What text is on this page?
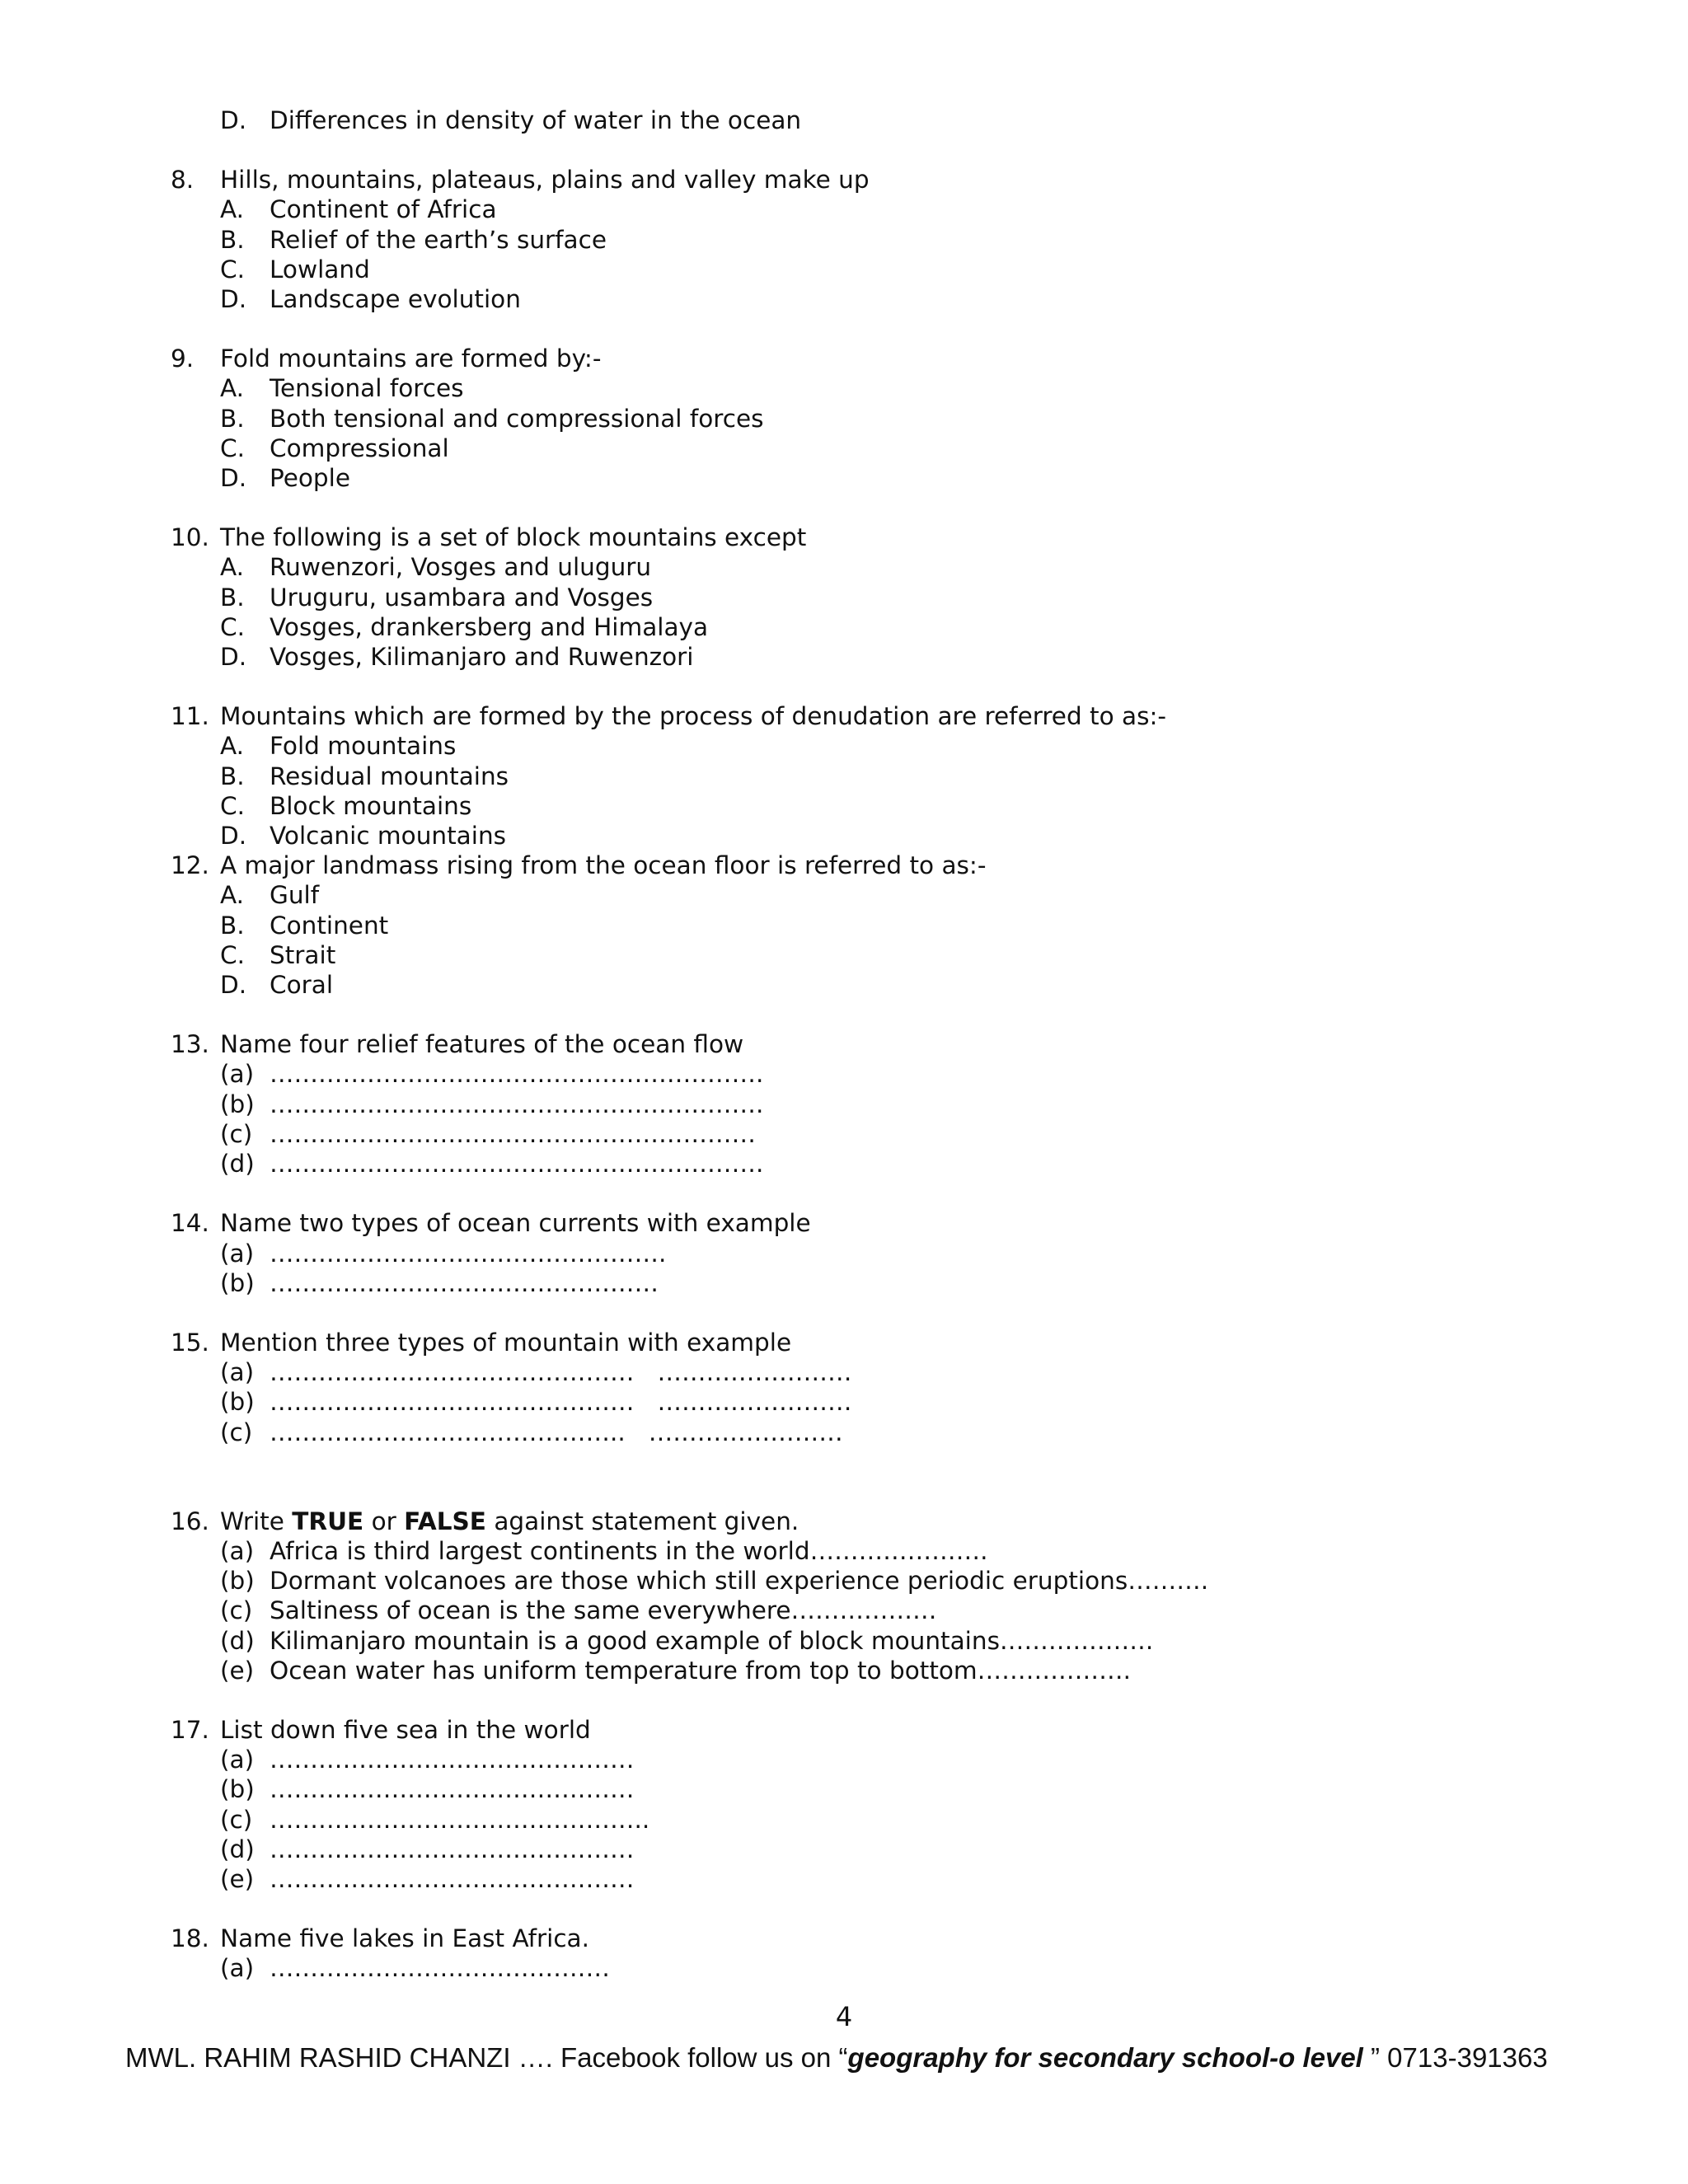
D. Differences in density of water in the ocean
8.	Hills, mountains, plateaus, plains and valley make up
A.	Continent of Africa
B.	Relief of the earth’s surface
C.	Lowland
D. Landscape evolution
9.	Fold mountains are formed by:-
A.	Tensional forces
B.	Both tensional and compressional forces
C.	Compressional
D. People
10. The following is a set of block mountains except
A.	Ruwenzori, Vosges and uluguru
B.	Uruguru, usambara and Vosges
C.	Vosges, drankersberg and Himalaya
D. Vosges, Kilimanjaro and Ruwenzori
11. Mountains which are formed by the process of denudation are referred to as:-
A.	Fold mountains
B.	Residual mountains
C.	Block mountains
D. Volcanic mountains
12. A major landmass rising from the ocean floor is referred to as:-
A.	Gulf
B.	Continent
C.	Strait
D. Coral
13. Name four relief features of the ocean flow
(a) …………………………………………………….
(b) …………………………………………………….
(c) ……………………………………………………
(d) …………………………………………………….
14. Name two types of ocean currents with example
(a) ………………………………………….
(b) …………………………………………
15. Mention three types of mountain with example
(a) ……………………………………… ……………………
(b) ……………………………………… ……………………
(c) …………………………………….. ……………………
16. Write TRUE or FALSE against statement given.
(a) Africa is third largest continents in the world………………….
(b) Dormant volcanoes are those which still experience periodic eruptions……….
(c) Saltiness of ocean is the same everywhere………………
(d) Kilimanjaro mountain is a good example of block mountains……………….
(e) Ocean water has uniform temperature from top to bottom……………….
17. List down five sea in the world
(a) ………………………………………
(b) ………………………………………
(c) ………………………………………..
(d) ………………………………………
(e) ………………………………………
18. Name five lakes in East Africa.
(a) ……………………………………
4
MWL. RAHIM RASHID CHANZI …. Facebook follow us on “geography for secondary school-o level ” 0713-391363
